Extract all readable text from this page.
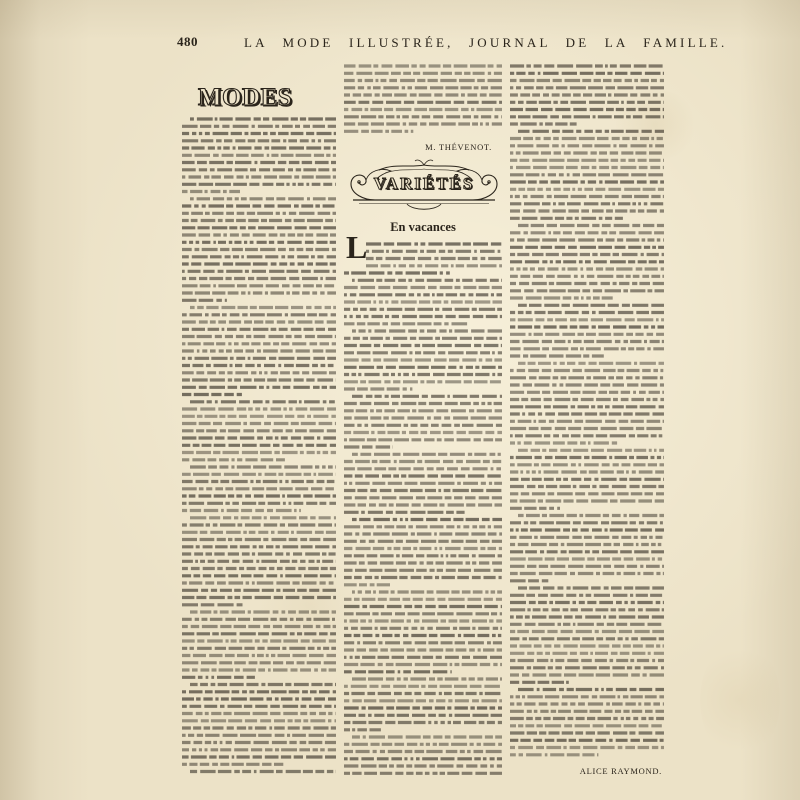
480	LA MODE ILLUSTRÉE, JOURNAL DE LA FAMILLE.
MODES
M. THÉVENOT.
VARIÉTÉS
En vacances
L
ALICE RAYMOND.
